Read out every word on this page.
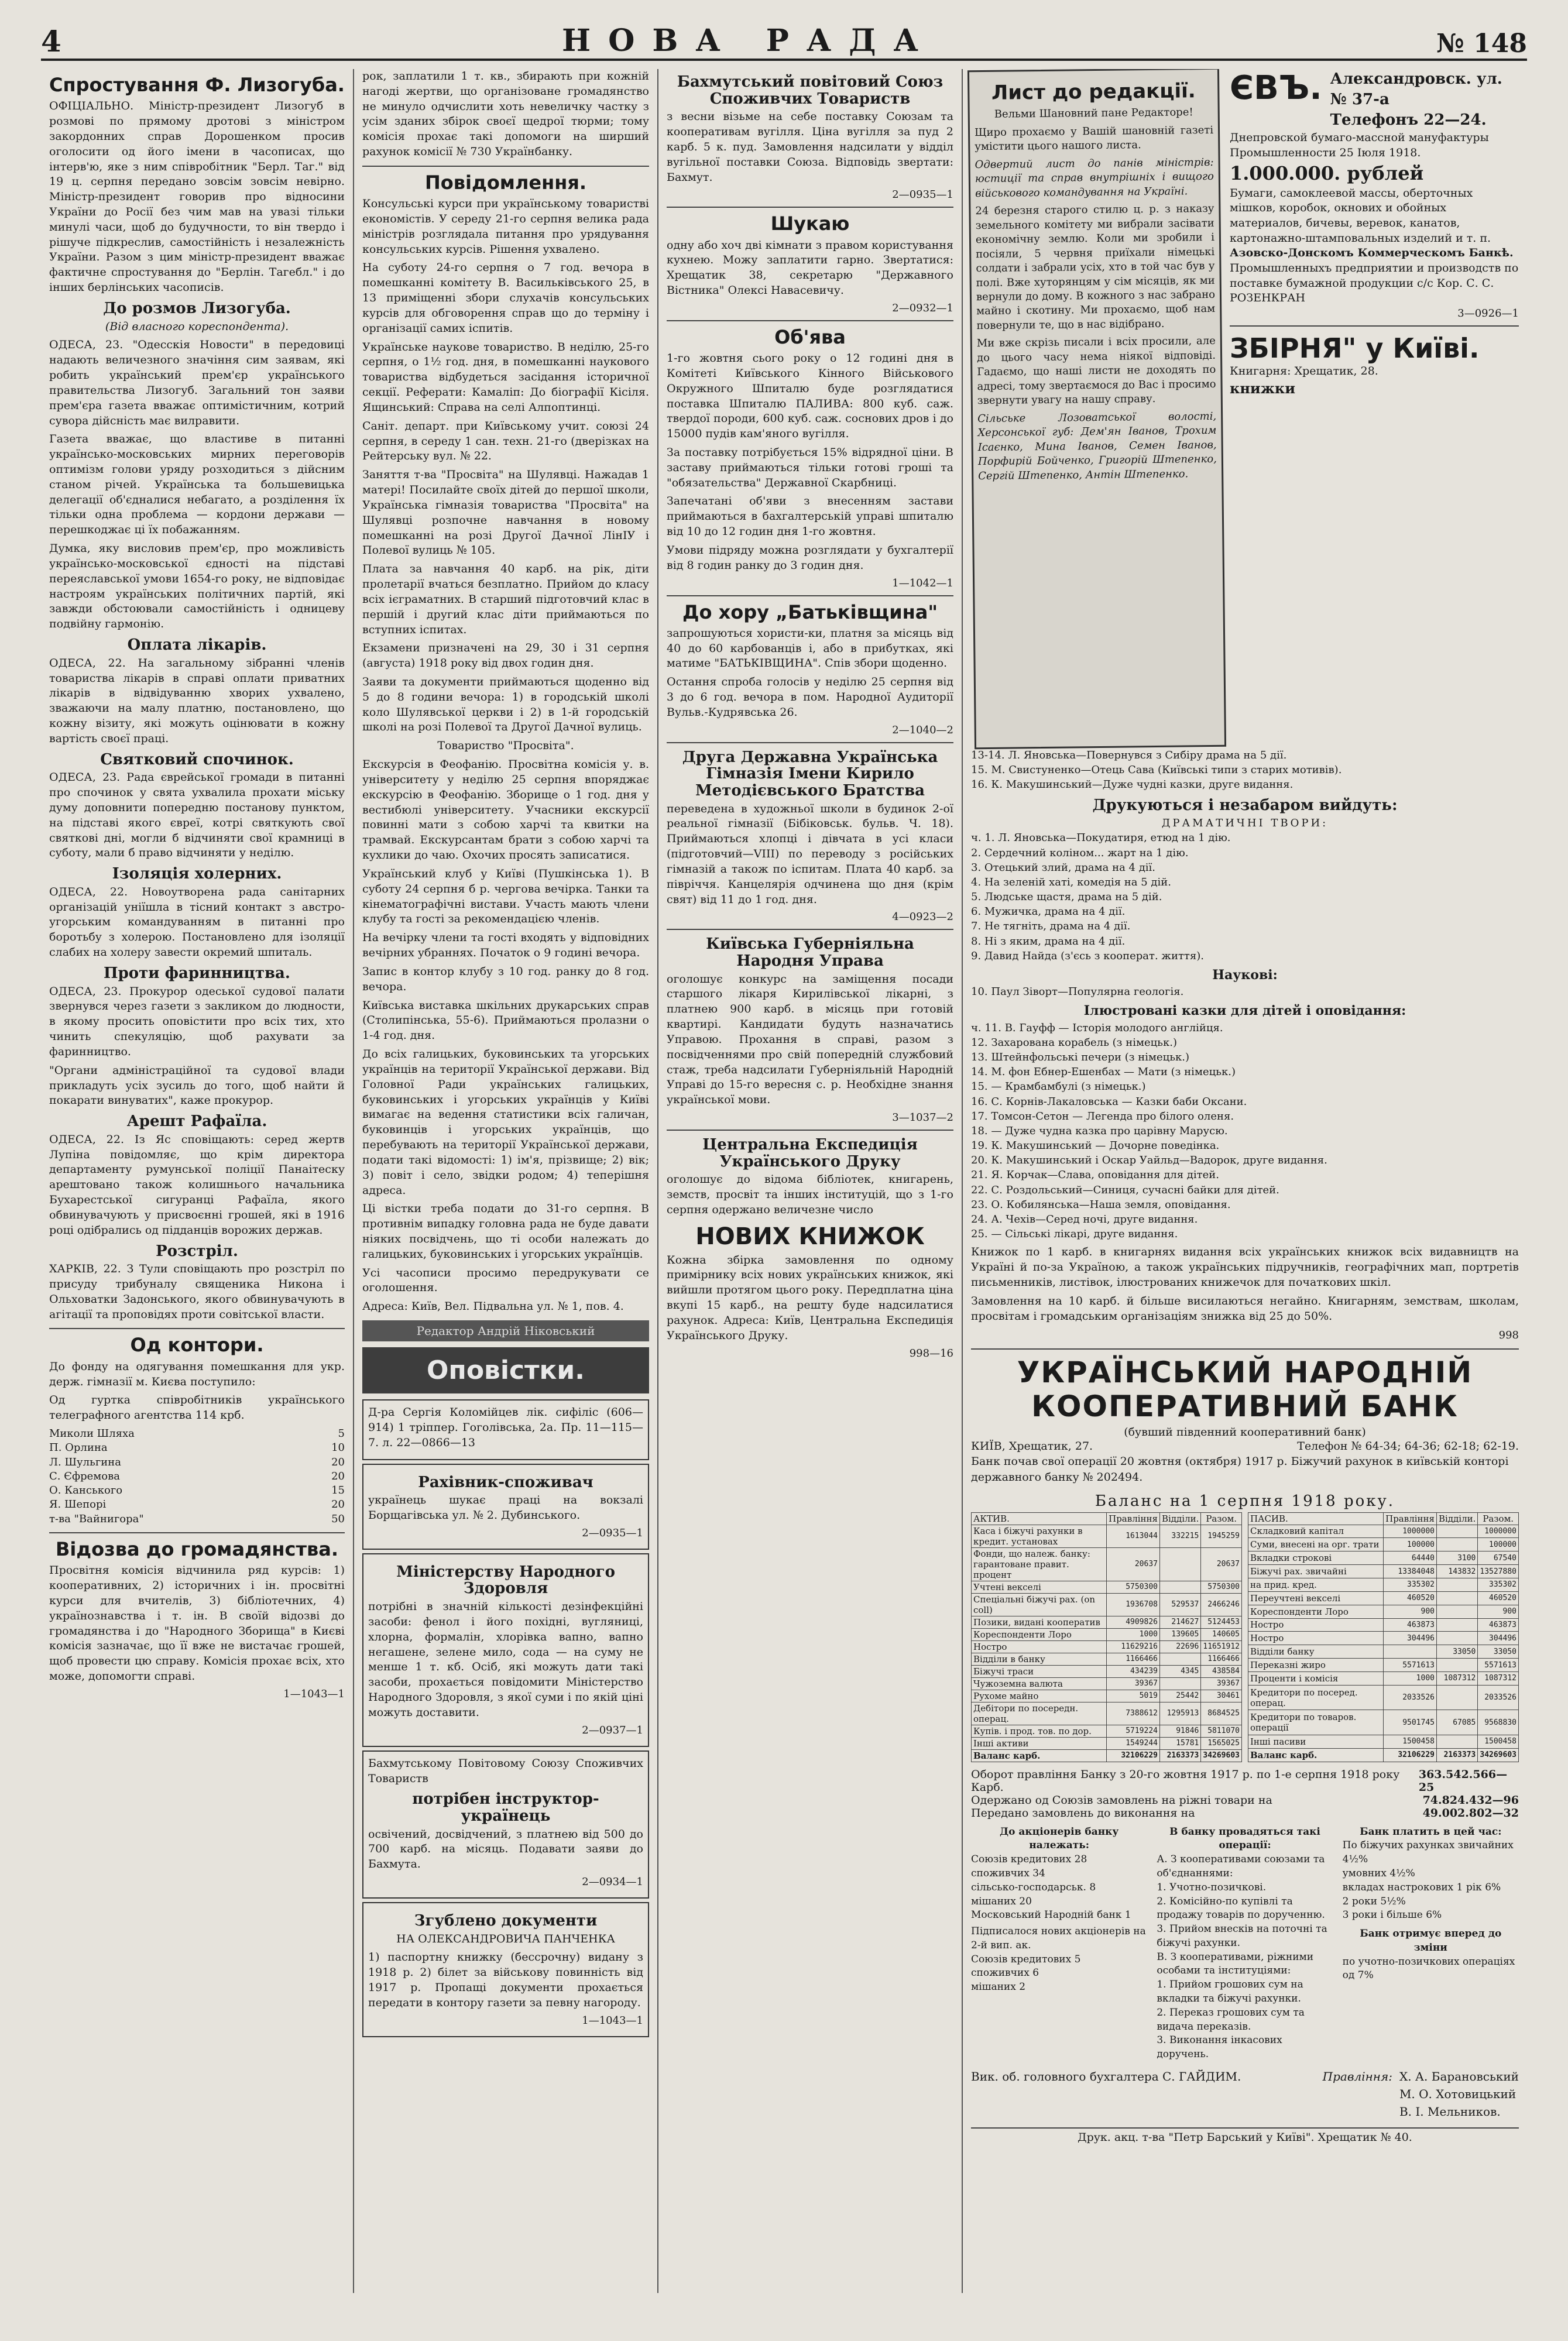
4	НОВА РАДА	№ 148
Спростування Ф. Лизогуба.

ОФІЦІАЛЬНО. Міністр-президент Лизогуб в розмові по прямому дротові з міністром закордонних справ Дорошенком просив оголосити од його імени в часописах, що інтерв'ю, яке з ним співробітник "Берл. Таг." від 19 ц. серпня передано зовсім зовсім невірно. Міністр-президент говорив про відносини України до Росії без чим мав на увазі тільки минулі часи, щоб до будучности, то він твердо і рішуче підкреслив, самостійність і незалежність України. Разом з цим міністр-президент вважає фактичне спростування до "Берлін. Тагебл." і до інших берлінських часописів.

До розмов Лизогуба.

(Від власного кореспондента).

ОДЕСА, 23. "Одесскія Новости" в передовиці надають величезного значіння сим заявам, які робить український прем'єр українського правительства Лизогуб. Загальний тон заяви прем'єра газета вважає оптимістичним, котрий сувора дійсність має вилравити.

Газета вважає, що властиве в питанні українсько-московських мирних переговорів оптимізм голови уряду розходиться з дійсним станом річей. Українська та большевицька делегації об'єдналися небагато, а розділення їх тільки одна проблема — кордони держави — перешкоджає ці їх побажанням.

Думка, яку висловив прем'єр, про можливість українсько-московської єдності на підставі переяславської умови 1654-го року, не відповідає настроям українських політичних партій, які завжди обстоювали самостійність і одницеву подвійну гармонію.

Оплата лікарів.

ОДЕСА, 22. На загальному зібранні членів товариства лікарів в справі оплати приватних лікарів в відвідуванню хворих ухвалено, зважаючи на малу платню, постановлено, що кожну візиту, які можуть оцінювати в кожну вартість своєї праці.

Святковий спочинок.

ОДЕСА, 23. Рада єврейської громади в питанні про спочинок у свята ухвалила прохати міську думу доповнити попередню постанову пунктом, на підставі якого євреї, котрі святкують свої святкові дні, могли б відчиняти свої крамниці в суботу, мали б право відчиняти у неділю.

Ізоляція холерних.

ОДЕСА, 22. Новоутворена рада санітарних організацій уніїшла в тісний контакт з австро-угорським командуванням в питанні про боротьбу з холерою. Постановлено для ізоляції слабих на холеру завести окремий шпиталь.

Проти фаринництва.

ОДЕСА, 23. Прокурор одеської судової палати звернувся через газети з закликом до людности, в якому просить оповістити про всіх тих, хто чинить спекуляцію, щоб рахувати за фаринництво.

"Органи адміністраційної та судової влади прикладуть усіх зусиль до того, щоб найти й покарати винуватих", каже прокурор.

Арешт Рафаїла.

ОДЕСА, 22. Із Яс сповіщають: серед жертв Лупіна повідомляє, що крім директора департаменту румунської поліції Панаітеску арештовано також колишнього начальника Бухарестської сигуранці Рафаїла, якого обвинувачують у присвоєнні грошей, які в 1916 році одібрались од підданців ворожих держав.

Розстріл.

ХАРКІВ, 22. З Тули сповіщають про розстріл по присуду трибуналу священика Никона і Ольховатки Задонського, якого обвинувачують в агітації та проповідях проти совітської власти.

Од контори.

До фонду на одягування помешкання для укр. держ. гімназії м. Києва поступило:

Од гуртка співробітників українського телеграфного агентства 114 крб.

Миколи Шляха	5
П. Орлина	10
Л. Шульгина	20
С. Єфремова	20
О. Канського	15
Я. Шепорі	20
т-ва "Вайнигора"	50
Відозва до громадянства.

Просвітня комісія відчинила ряд курсів: 1) кооперативних, 2) історичних і ін. просвітні курси для вчителів, 3) бібліотечних, 4) українознавства і т. ін. В своїй відозві до громадянства і до "Народного Зборища" в Києві комісія зазначає, що її вже не вистачає грошей, щоб провести цю справу. Комісія прохає всіх, хто може, допомогти справі.

1—1043—1

рок, заплатили 1 т. кв., збирають при кожній нагоді жертви, що організоване громадянство не минуло одчислити хоть невеличку частку з усім зданих збірок своєї щедрої тюрми; тому комісія прохає такі допомоги на ширший рахунок комісії № 730 Українбанку.

Повідомлення.

Консульські курси при українському товаристві економістів. У середу 21-го серпня велика рада міністрів розглядала питання про урядування консульських курсів. Рішення ухвалено.

На суботу 24-го серпня о 7 год. вечора в помешканні комітету В. Васильківського 25, в 13 приміщенні збори слухачів консульських курсів для обговорення справ що до терміну і організації самих іспитів.

Українське наукове товариство. В неділю, 25-го серпня, о 1½ год. дня, в помешканні наукового товариства відбудеться засідання історичної секції. Реферати: Камаліп: До біографії Кісіля. Ящинський: Справа на селі Алпоптинці.

Саніт. департ. при Київському учит. союзі 24 серпня, в середу 1 сан. техн. 21-го (дверізках на Рейтерську вул. № 22.

Заняття т-ва "Просвіта" на Шулявці. Нажадав 1 матері! Посилайте своїх дітей до першої школи, Українська гімназія товариства "Просвіта" на Шулявці розпочне навчання в новому помешканні на розі Другої Дачної ЛінІУ і Полевої вулиць № 105.

Плата за навчання 40 карб. на рік, діти пролетарії вчаться безплатно. Прийом до класу всіх ієграматних. В старший підготовчий клас в першій і другий клас діти приймаються по вступних іспитах.

Екзамени призначені на 29, 30 і 31 серпня (августа) 1918 року від двох годин дня.

Заяви та документи приймаються щоденно від 5 до 8 години вечора: 1) в городській школі коло Шулявської церкви і 2) в 1-й городській школі на розі Полевої та Другої Дачної вулиць.

Товариство "Просвіта".

Екскурсія в Феофанію. Просвітна комісія у. в. університету у неділю 25 серпня впоряджає екскурсію в Феофанію. Зборище о 1 год. дня у вестибюлі університету. Учасники екскурсії повинні мати з собою харчі та квитки на трамвай. Екскурсантам брати з собою харчі та кухлики до чаю. Охочих просять записатися.

Український клуб у Київі (Пушкінська 1). В суботу 24 серпня б р. чергова вечірка. Танки та кінематографічні вистави. Участь мають члени клубу та гості за рекомендацією членів.

На вечірку члени та гості входять у відповідних вечірних убраннях. Початок о 9 годині вечора.

Запис в контор клубу з 10 год. ранку до 8 год. вечора.

Київська виставка шкільних друкарських справ (Столипінська, 55-6). Приймаються пролазни о 1-4 год. дня.

До всіх галицьких, буковинських та угорських українців на території Української держави. Від Головної Ради українських галицьких, буковинських і угорських українців у Київі вимагає на ведення статистики всіх галичан, буковинців і угорських українців, що перебувають на території Української держави, подати такі відомості: 1) ім'я, прізвище; 2) вік; 3) повіт і село, звідки родом; 4) теперішня адреса.

Ці вістки треба подати до 31-го серпня. В противнім випадку головна рада не буде давати ніяких посвідчень, що ті особи належать до галицьких, буковинських і угорських українців.

Усі часописи просимо передрукувати се оголошення.

Адреса: Київ, Вел. Підвальна ул. № 1, пов. 4.

Редактор Андрій Ніковський
Оповістки.

Д-ра Сергія Коломійцев лік. сифіліс (606—914) 1 тріппер. Гоголівська, 2а. Пр. 11—115—7. л. 22—0866—13

Рахівник-споживач

українець шукає праці на вокзалі Борщагівська ул. № 2. Дубинського.

2—0935—1
Міністерству Народного Здоровля

потрібні в значній кількості дезінфекційні засоби: фенол і його похідні, вугляниці, хлорна, формалін, хлорівка вапно, вапно негашене, зелене мило, сода — на суму не менше 1 т. кб. Осіб, які можуть дати такі засоби, прохається повідомити Міністерство Народного Здоровля, з якої суми і по якій ціні можуть доставити.

2—0937—1

Бахмутському Повітовому Союзу Споживчих Товариств

потрібен інструктор-українець

освічений, досвідчений, з платнею від 500 до 700 карб. на місяць. Подавати заяви до Бахмута.

2—0934—1
Згублено документи

НА ОЛЕКСАНДРОВИЧА ПАНЧЕНКА

1) паспортну книжку (бессрочну) видану з 1918 р. 2) білет за військову повинність від 1917 р. Пропащі документи прохається передати в контору газети за певну нагороду.

1—1043—1
Бахмутський повітовий Союз Споживчих Товариств

з весни візьме на себе поставку Союзам та кооперативам вугілля. Ціна вугілля за пуд 2 карб. 5 к. пуд. Замовлення надсилати у відділ вугільної поставки Союза. Відповідь звертати: Бахмут.

2—0935—1
Шукаю

одну або хоч дві кімнати з правом користування кухнею. Можу заплатити гарно. Звертатися: Хрещатик 38, секретарю "Державного Вістника" Олексі Навасевичу.

2—0932—1
Об'ява

1-го жовтня сього року о 12 годині дня в Комітеті Київського Кінного Військового Окружного Шпиталю буде розглядатися поставка Шпиталю ПАЛИВА: 800 куб. саж. твердої породи, 600 куб. саж. соснових дров і до 15000 пудів кам'яного вугілля.

За поставку потрібується 15% відрядної ціни. В заставу приймаються тільки готові гроші та "обязательства" Державної Скарбниці.

Запечатані об'яви з внесенням застави приймаються в бахгалтерській управі шпиталю від 10 до 12 годин дня 1-го жовтня.

Умови підряду можна розглядати у бухгалтерії від 8 годин ранку до 3 годин дня.

1—1042—1
До хору „Батьківщина"

запрошуються хористи-ки, платня за місяць від 40 до 60 карбованців і, або в прибутках, які матиме "БАТЬКІВЩИНА". Спів збори щоденно.

Остання спроба голосів у неділю 25 серпня від 3 до 6 год. вечора в пом. Народної Аудиторії Вульв.-Кудрявська 26.

2—1040—2
Друга Державна Українська Гімназія Імени Кирило Методієвського Братства

переведена в художньої школи в будинок 2-ої реальної гімназії (Бібіковськ. бульв. Ч. 18). Приймаються хлопці і дівчата в усі класи (підготовчий—VIII) по переводу з російських гімназій а також по іспитам. Плата 40 карб. за півріччя. Канцелярія одчинена що дня (крім свят) від 11 до 1 год. дня.

4—0923—2
Київська Губерніяльна Народня Управа

оголошує конкурс на заміщення посади старшого лікаря Кирилівської лікарні, з платнею 900 карб. в місяць при готовій квартирі. Кандидати будуть назначатись Управою. Прохання в справі, разом з посвідченнями про свій попередній службовий стаж, треба надсилати Губерніяльній Народній Управі до 15-го вересня с. р. Необхідне знання української мови.

3—1037—2
Центральна Експедиція Українського Друку

оголошує до відома бібліотек, книгарень, земств, просвіт та інших інституцій, що з 1-го серпня одержано величезне число

НОВИХ КНИЖОК

Кожна збірка замовлення по одному примірнику всіх нових українських книжок, які вийшли протягом цього року. Передплатна ціна вкупі 15 карб., на решту буде надсилатися рахунок. Адреса: Київ, Центральна Експедиція Українського Друку.

998—16
Лист до редакції.

Вельми Шановний пане Редакторе!

Щиро прохаємо у Вашій шановній газеті умістити цього нашого листа.

Одвертий лист до панів міністрів: юстиції та справ внутрішніх і вищого військового командування на Україні.

24 березня старого стилю ц. р. з наказу земельного комітету ми вибрали засівати економічну землю. Коли ми зробили і посіяли, 5 червня приїхали німецькі солдати і забрали усіх, хто в той час був у полі. Вже хуторянцям у сім місяців, як ми вернули до дому. В кожного з нас забрано майно і скотину. Ми прохаємо, щоб нам повернули те, що в нас відібрано.

Ми вже скрізь писали і всіх просили, але до цього часу нема ніякої відповіді. Гадаємо, що наші листи не доходять по адресі, тому звертаємося до Вас і просимо звернути увагу на нашу справу.

Сільське Лозоватської волості, Херсонської губ: Дем'ян Іванов, Трохим Ісаєнко, Мина Іванов, Семен Іванов, Порфирій Бойченко, Григорій Штепенко, Сергій Штепенко, Антін Штепенко.

ЄВЪ. Александровск. ул. № 37-а
Телефонъ 22—24.
Днепровской бумаго-массной мануфактуры
Промышленности 25 Іюля 1918.
1.000.000. рублей
Бумаги, самоклеевой массы, оберточных мішков, коробок, окнових и обойных материалов, бичевы, веревок, канатов, картонажно-штамповальных изделий и т. п.
Азовско-Донскомъ Коммерческомъ Банкѣ.
Промышленныхъ предприятии и производств по поставке бумажной продукции с/с Кор. С. С. РОЗЕНКРАН
3—0926—1
ЗБІРНЯ" у Київі.
Книгарня: Хрещатик, 28.
книжки
13-14. Л. Яновська—Повернувся з Сибіру драма на 5 дії.
15. М. Свистуненко—Отець Сава (Київські типи з старих мотивів).
16. К. Макушинський—Дуже чудні казки, друге видання.
Друкуються і незабаром вийдуть:
ДРАМАТИЧНІ ТВОРИ:
ч. 1. Л. Яновська—Покудатиря, етюд на 1 дію.
2. Сердечний коліном... жарт на 1 дію.
3. Отецький злий, драма на 4 дії.
4. На зеленій хаті, комедія на 5 дій.
5. Людське щастя, драма на 5 дій.
6. Мужичка, драма на 4 дії.
7. Не тягніть, драма на 4 дії.
8. Ні з яким, драма на 4 дії.
9. Давид Найда (з'єсь з кооперат. життя).
Наукові:
10. Паул Зіворт—Популярна геологія.
Ілюстровані казки для дітей і оповідання:
ч. 11. В. Гауфф — Історія молодого англійця.
12. Захарована корабель (з німецьк.)
13. Штейнфольські печери (з німецьк.)
14. М. фон Ебнер-Ешенбах — Мати (з німецьк.)
15. — Крамбамбулі (з німецьк.)
16. С. Корнів-Лакаловська — Казки баби Оксани.
17. Томсон-Сетон — Легенда про білого оленя.
18. — Дуже чудна казка про царівну Марусю.
19. К. Макушинський — Дочорне поведінка.
20. К. Макушинський і Оскар Уайльд—Вадорок, друге видання.
21. Я. Корчак—Слава, оповідання для дітей.
22. С. Роздольський—Синиця, сучасні байки для дітей.
23. О. Кобилянська—Наша земля, оповідання.
24. А. Чехів—Серед ночі, друге видання.
25. — Сільські лікарі, друге видання.

Книжок по 1 карб. в книгарнях видання всіх українських книжок всіх видавництв на Україні й по-за Україною, а також українських підручників, географічних мап, портретів письменників, листівок, ілюстрованих книжечок для початкових шкіл.

Замовлення на 10 карб. й більше висилаються негайно. Книгарням, земствам, школам, просвітам і громадським організаціям знижка від 25 до 50%.

998
УКРАЇНСЬКИЙ НАРОДНІЙ КООПЕРАТИВНИЙ БАНК
(бувший південний кооперативний банк)
КИЇВ, Хрещатик, 27.	Телефон № 64-34; 64-36; 62-18; 62-19.
Банк почав свої операції 20 жовтня (октября) 1917 р. Біжучий рахунок в київській конторі державного банку № 202494.
Баланс на 1 серпня 1918 року.
АКТИВ.	Правління	Відділи.	Разом.
Каса і біжучі рахунки в кредит. установах	1613044	332215	1945259
Фонди, що належ. банку: гарантоване правит. процент	20637		20637
Учтені векселі	5750300		5750300
Спеціальні біжучі рах. (on coll)	1936708	529537	2466246
Позики, видані кооператив	4909826	214627	5124453
Кореспонденти Лоро	1000	139605	140605
Ностро	11629216	22696	11651912
Відділи в банку	1166466		1166466
Біжучі траси	434239	4345	438584
Чужоземна валюта	39367		39367
Рухоме майно	5019	25442	30461
Дебітори по посередн. операц.	7388612	1295913	8684525
Купів. і прод. тов. по дор.	5719224	91846	5811070
Інші активи	1549244	15781	1565025
Валанс карб.	32106229	2163373	34269603
ПАСИВ.	Правління	Відділи.	Разом.
Складковий капітал	1000000		1000000
Суми, внесені на орг. трати	100000		100000
Вкладки строкові	64440	3100	67540
Біжучі рах. звичайні	13384048	143832	13527880
на прид. кред.	335302		335302
Переучтені векселі	460520		460520
Кореспонденти Лоро	900		900
Ностро	463873		463873
Ностро	304496		304496
Відділи банку		33050	33050
Переказні жиро	5571613		5571613
Проценти і комісія	1000	1087312	1087312
Кредитори по посеред. операц.	2033526		2033526
Кредитори по товаров. операції	9501745	67085	9568830
Інші пасиви	1500458		1500458
Валанс карб.	32106229	2163373	34269603
Оборот правління Банку з 20-го жовтня 1917 р. по 1-е серпня 1918 року Карб.
363.542.566—25
Одержано од Союзів замовлень на ріжні товари на	74.824.432—96
Передано замовлень до виконання на	49.002.802—32
До акціонерів банку належать:
Союзів кредитових 28
споживчих 34
сільсько-господарськ. 8
мішаних 20
Московський Народній банк 1
Підписалося нових акціонерів на 2-й вип. ак.
Союзів кредитових 5
споживчих 6
мішаних 2
В банку провадяться такі операції:
А. З кооперативами союзами та об'єднаннями:
1. Учотно-позичкові.
2. Комісійно-по купівлі та продажу товарів по дорученню.
3. Прийом внесків на поточні та біжучі рахунки.
В. З кооперативами, ріжними особами та інституціями:
1. Прийом грошових сум на вкладки та біжучі рахунки.
2. Переказ грошових сум та видача переказів.
3. Виконання інкасових доручень.
Банк платить в цей час:
По біжучих рахунках звичайних 4½%
умовних 4½%
вкладах настрокових 1 рік 6%
2 роки 5½%
3 роки і більше 6%
Банк отримує вперед до зміни
по учотно-позичкових операціях од 7%
Вик. об. головного бухгалтера С. ГАЙДИМ.	Правління: Х. А. Барановський
М. О. Хотовицький
В. І. Мельников.
Друк. акц. т-ва "Петр Барський у Київі". Хрещатик № 40.
